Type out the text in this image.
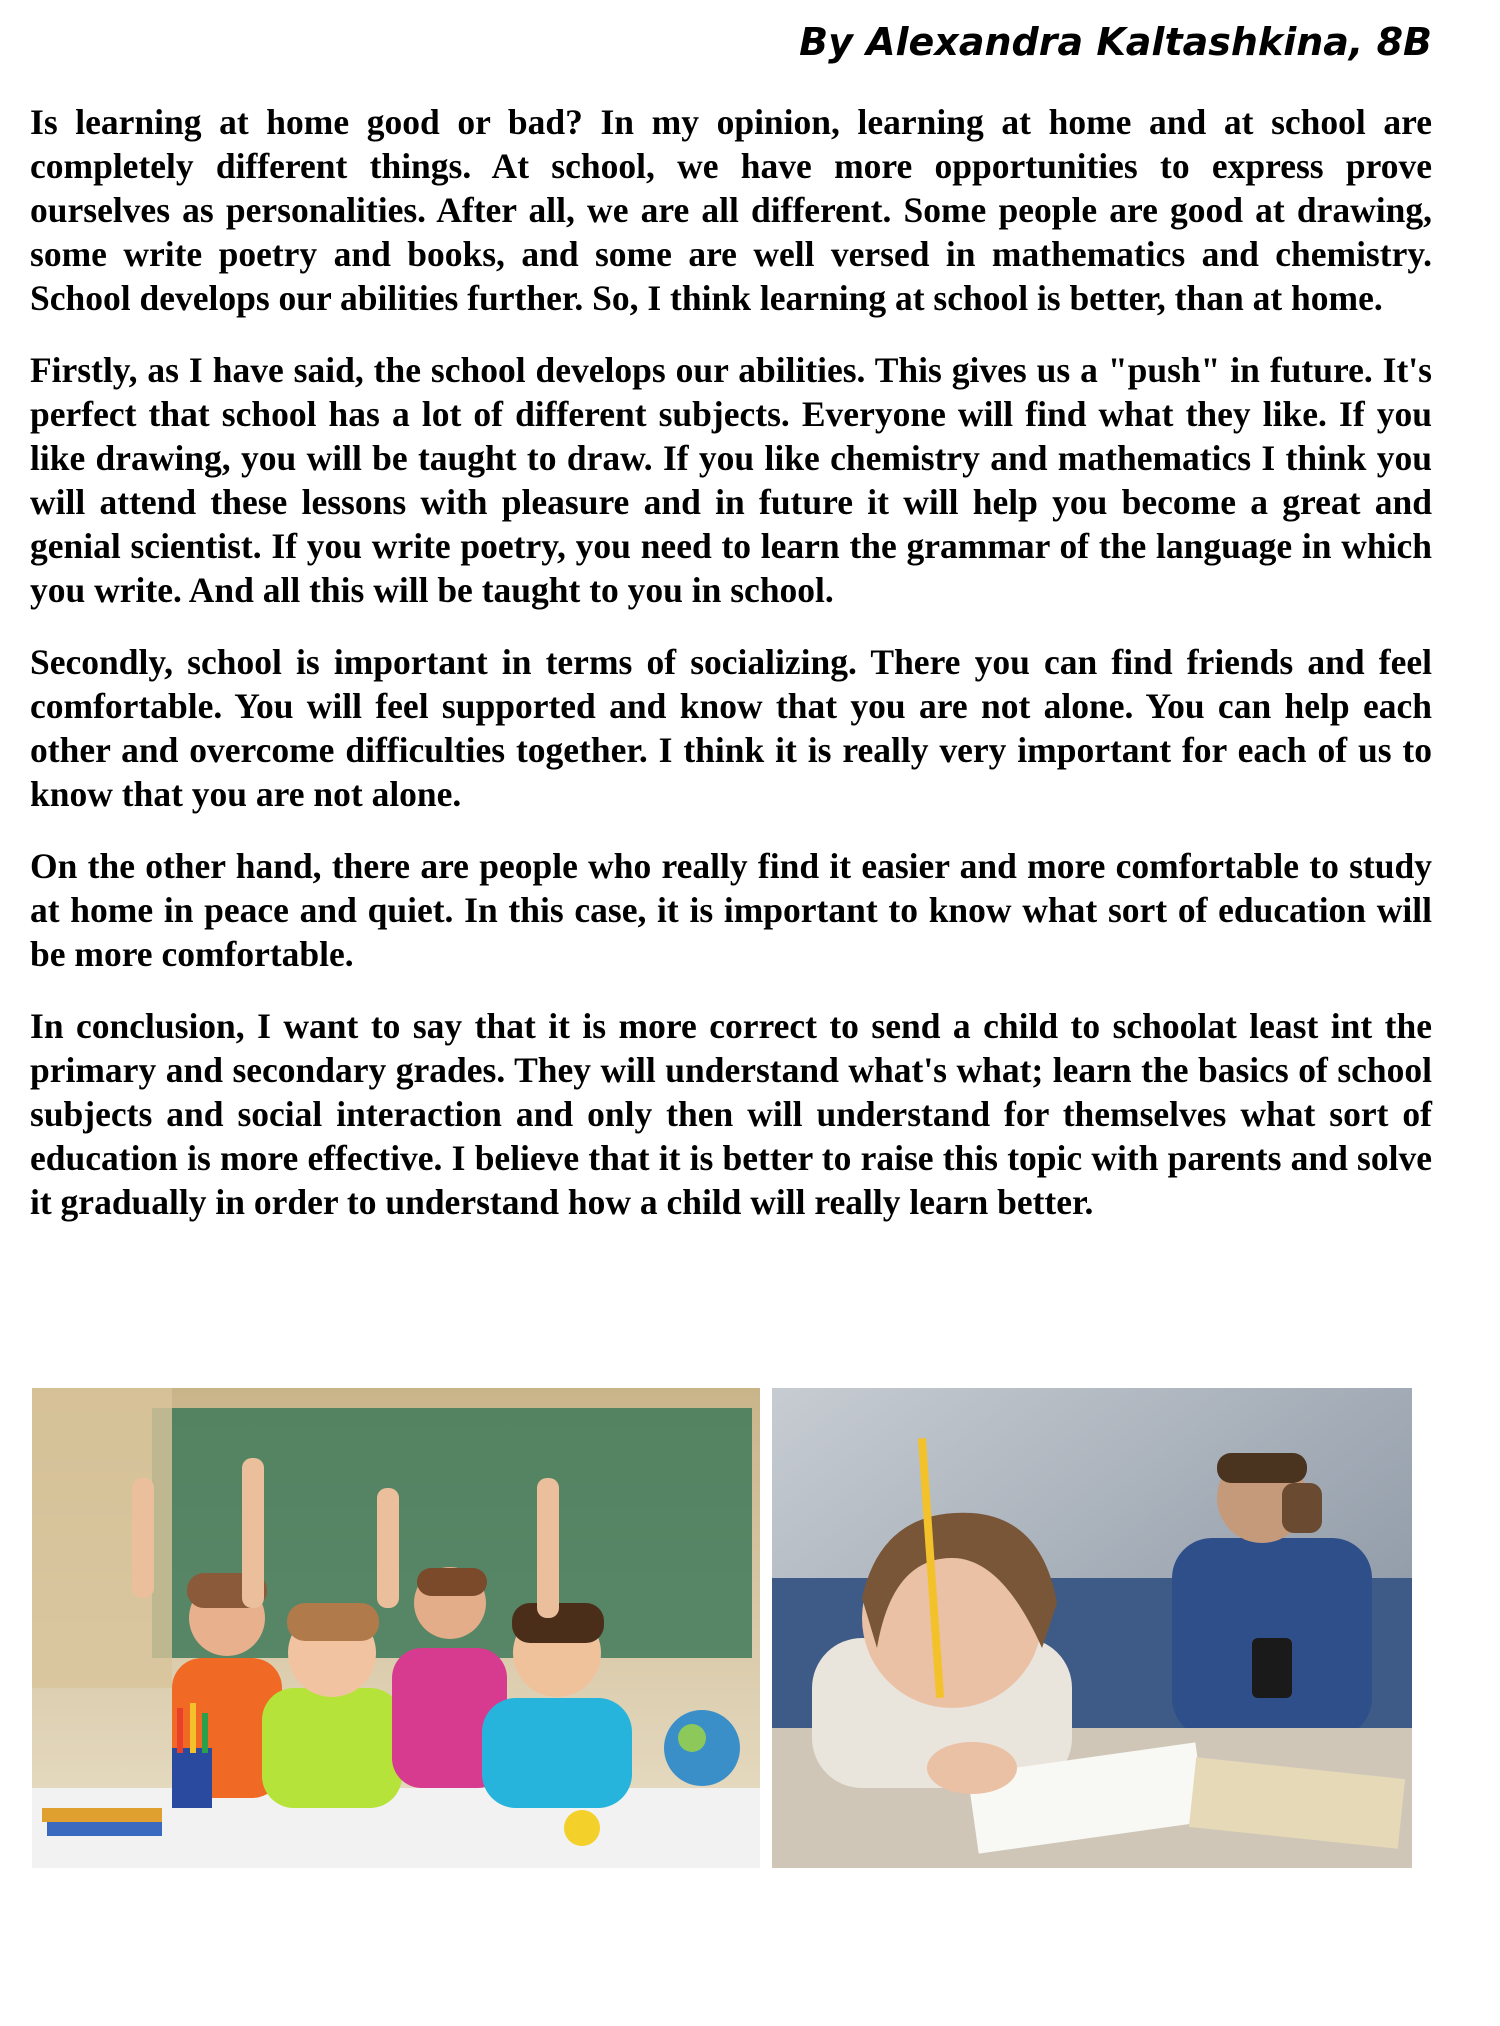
By Alexandra Kaltashkina, 8B

Is learning at home good or bad? In my opinion, learning at home and at school are completely different things. At school, we have more opportunities to express prove ourselves as personalities. After all, we are all different. Some people are good at drawing, some write poetry and books, and some are well versed in mathematics and chemistry. School develops our abilities further. So, I think learning at school is better, than at home.

Firstly, as I have said, the school develops our abilities. This gives us a "push" in future. It's perfect that school has a lot of different subjects. Everyone will find what they like. If you like drawing, you will be taught to draw. If you like chemistry and mathematics I think you will attend these lessons with pleasure and in future it will help you become a great and genial scientist. If you write poetry, you need to learn the grammar of the language in which you write. And all this will be taught to you in school.

Secondly, school is important in terms of socializing. There you can find friends and feel comfortable. You will feel supported and know that you are not alone. You can help each other and overcome difficulties together. I think it is really very important for each of us to know that you are not alone.

On the other hand, there are people who really find it easier and more comfortable to study at home in peace and quiet. In this case, it is important to know what sort of education will be more comfortable.

In conclusion, I want to say that it is more correct to send a child to schoolat least int the primary and secondary grades. They will understand what's what; learn the basics of school subjects and social interaction and only then will understand for themselves what sort of education is more effective. I believe that it is better to raise this topic with parents and solve it gradually in order to understand how a child will really learn better.
